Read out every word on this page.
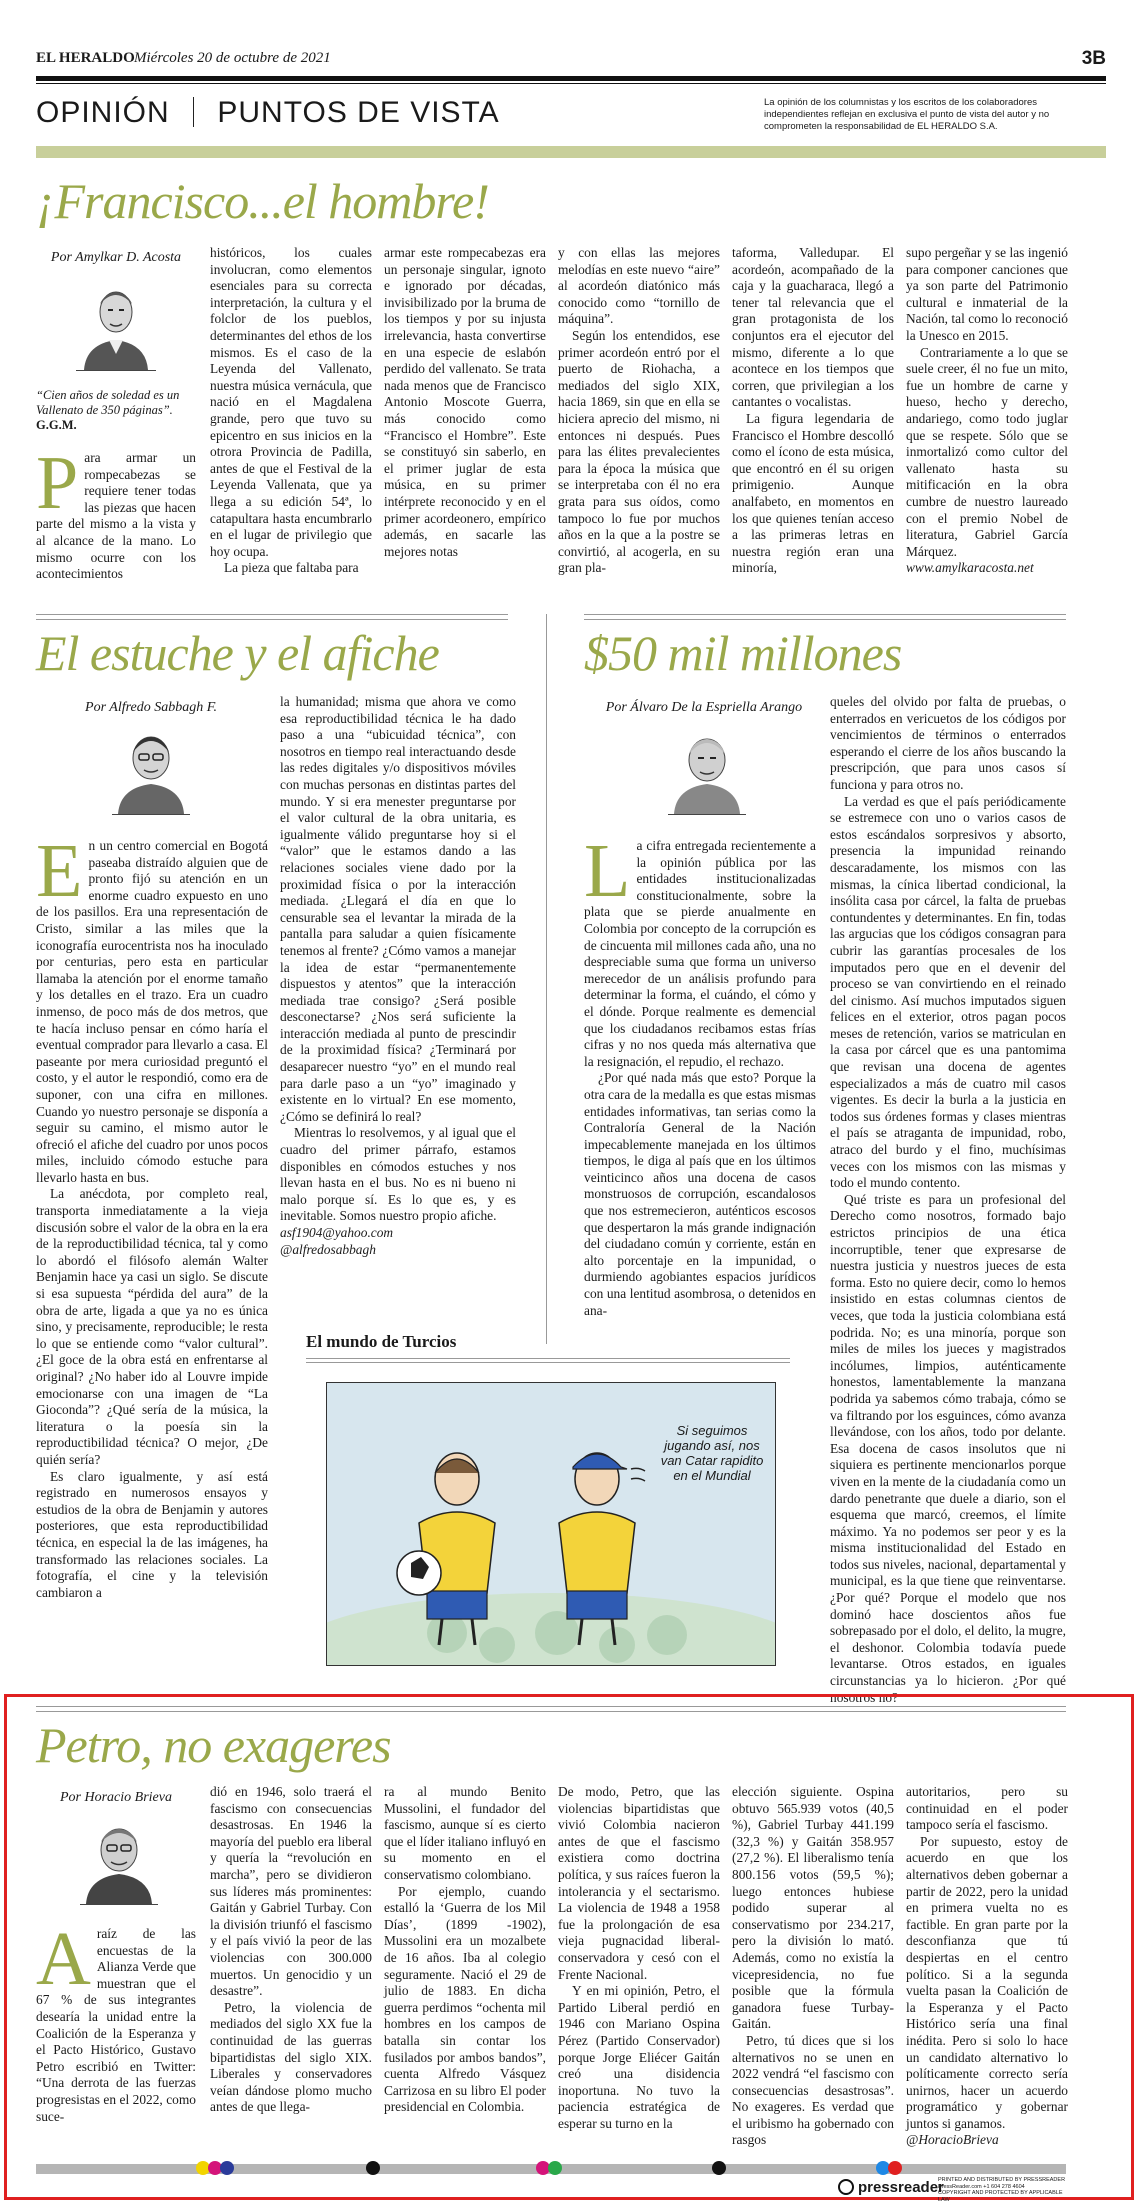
EL HERALDO Miércoles 20 de octubre de 2021	3B
OPINIÓN PUNTOS DE VISTA	La opinión de los columnistas y los escritos de los colaboradores independientes reflejan en exclusiva el punto de vista del autor y no comprometen la responsabilidad de EL HERALDO S.A.
¡Francisco...el hombre!
Por Amylkar D. Acosta
“Cien años de soledad es un Vallenato de 350 páginas”.
G.G.M.
Para armar un rompecabezas se requiere tener todas las piezas que hacen parte del mismo a la vista y al alcance de la mano. Lo mismo ocurre con los acontecimientos

históricos, los cuales involucran, como elementos esenciales para su correcta interpretación, la cultura y el folclor de los pueblos, determinantes del ethos de los mismos. Es el caso de la Leyenda del Vallenato, nuestra música vernácula, que nació en el Magdalena grande, pero que tuvo su epicentro en sus inicios en la otrora Provincia de Padilla, antes de que el Festival de la Leyenda Vallenata, que ya llega a su edición 54ª, lo catapultara hasta encumbrarlo en el lugar de privilegio que hoy ocupa.

La pieza que faltaba para

armar este rompecabezas era un personaje singular, ignoto e ignorado por décadas, invisibilizado por la bruma de los tiempos y por su injusta irrelevancia, hasta convertirse en una especie de eslabón perdido del vallenato. Se trata nada menos que de Francisco Antonio Moscote Guerra, más conocido como “Francisco el Hombre”. Este se constituyó sin saberlo, en el primer juglar de esta música, en su primer intérprete reconocido y en el primer acordeonero, empírico además, en sacarle las mejores notas

y con ellas las mejores melodías en este nuevo “aire” al acordeón diatónico más conocido como “tornillo de máquina”.

Según los entendidos, ese primer acordeón entró por el puerto de Riohacha, a mediados del siglo XIX, hacia 1869, sin que en ella se hiciera aprecio del mismo, ni entonces ni después. Pues para las élites prevalecientes para la época la música que se interpretaba con él no era grata para sus oídos, como tampoco lo fue por muchos años en la que a la postre se convirtió, al acogerla, en su gran pla-

taforma, Valledupar. El acordeón, acompañado de la caja y la guacharaca, llegó a tener tal relevancia que el gran protagonista de los conjuntos era el ejecutor del mismo, diferente a lo que acontece en los tiempos que corren, que privilegian a los cantantes o vocalistas.

La figura legendaria de Francisco el Hombre descolló como el ícono de esta música, que encontró en él su origen primigenio. Aunque analfabeto, en momentos en los que quienes tenían acceso a las primeras letras en nuestra región eran una minoría,

supo pergeñar y se las ingenió para componer canciones que ya son parte del Patrimonio cultural e inmaterial de la Nación, tal como lo reconoció la Unesco en 2015.

Contrariamente a lo que se suele creer, él no fue un mito, fue un hombre de carne y hueso, hecho y derecho, andariego, como todo juglar que se respete. Sólo que se inmortalizó como cultor del vallenato hasta su mitificación en la obra cumbre de nuestro laureado con el premio Nobel de literatura, Gabriel García Márquez.

www.amylkaracosta.net

El estuche y el afiche
Por Alfredo Sabbagh F.
En un centro comercial en Bogotá paseaba distraído alguien que de pronto fijó su atención en un enorme cuadro expuesto en uno de los pasillos. Era una representación de Cristo, similar a las miles que la iconografía eurocentrista nos ha inoculado por centurias, pero esta en particular llamaba la atención por el enorme tamaño y los detalles en el trazo. Era un cuadro inmenso, de poco más de dos metros, que te hacía incluso pensar en cómo haría el eventual comprador para llevarlo a casa. El paseante por mera curiosidad preguntó el costo, y el autor le respondió, como era de suponer, con una cifra en millones. Cuando yo nuestro personaje se disponía a seguir su camino, el mismo autor le ofreció el afiche del cuadro por unos pocos miles, incluido cómodo estuche para llevarlo hasta en bus.

La anécdota, por completo real, transporta inmediatamente a la vieja discusión sobre el valor de la obra en la era de la reproductibilidad técnica, tal y como lo abordó el filósofo alemán Walter Benjamin hace ya casi un siglo. Se discute si esa supuesta “pérdida del aura” de la obra de arte, ligada a que ya no es única sino, y precisamente, reproducible; le resta lo que se entiende como “valor cultural”. ¿El goce de la obra está en enfrentarse al original? ¿No haber ido al Louvre impide emocionarse con una imagen de “La Gioconda”? ¿Qué sería de la música, la literatura o la poesía sin la reproductibilidad técnica? O mejor, ¿De quién sería?

Es claro igualmente, y así está registrado en numerosos ensayos y estudios de la obra de Benjamin y autores posteriores, que esta reproductibilidad técnica, en especial la de las imágenes, ha transformado las relaciones sociales. La fotografía, el cine y la televisión cambiaron a

la humanidad; misma que ahora ve como esa reproductibilidad técnica le ha dado paso a una “ubicuidad técnica”, con nosotros en tiempo real interactuando desde las redes digitales y/o dispositivos móviles con muchas personas en distintas partes del mundo. Y si era menester preguntarse por el valor cultural de la obra unitaria, es igualmente válido preguntarse hoy si el “valor” que le estamos dando a las relaciones sociales viene dado por la proximidad física o por la interacción mediada. ¿Llegará el día en que lo censurable sea el levantar la mirada de la pantalla para saludar a quien físicamente tenemos al frente? ¿Cómo vamos a manejar la idea de estar “permanentemente dispuestos y atentos” que la interacción mediada trae consigo? ¿Será posible desconectarse? ¿Nos será suficiente la interacción mediada al punto de prescindir de la proximidad física? ¿Terminará por desaparecer nuestro “yo” en el mundo real para darle paso a un “yo” imaginado y existente en lo virtual? En ese momento, ¿Cómo se definirá lo real?

Mientras lo resolvemos, y al igual que el cuadro del primer párrafo, estamos disponibles en cómodos estuches y nos llevan hasta en el bus. No es ni bueno ni malo porque sí. Es lo que es, y es inevitable. Somos nuestro propio afiche.

asf1904@yahoo.com

@alfredosabbagh

$50 mil millones
Por Álvaro De la Espriella Arango
La cifra entregada recientemente a la opinión pública por las entidades institucionalizadas constitucionalmente, sobre la plata que se pierde anualmente en Colombia por concepto de la corrupción es de cincuenta mil millones cada año, una no despreciable suma que forma un universo merecedor de un análisis profundo para determinar la forma, el cuándo, el cómo y el dónde. Porque realmente es demencial que los ciudadanos recibamos estas frías cifras y no nos queda más alternativa que la resignación, el repudio, el rechazo.

¿Por qué nada más que esto? Porque la otra cara de la medalla es que estas mismas entidades informativas, tan serias como la Contraloría General de la Nación impecablemente manejada en los últimos tiempos, le diga al país que en los últimos veinticinco años una docena de casos monstruosos de corrupción, escandalosos que nos estremecieron, auténticos escosos que despertaron la más grande indignación del ciudadano común y corriente, están en alto porcentaje en la impunidad, o durmiendo agobiantes espacios jurídicos con una lentitud asombrosa, o detenidos en ana-

queles del olvido por falta de pruebas, o enterrados en vericuetos de los códigos por vencimientos de términos o enterrados esperando el cierre de los años buscando la prescripción, que para unos casos sí funciona y para otros no.

La verdad es que el país periódicamente se estremece con uno o varios casos de estos escándalos sorpresivos y absorto, presencia la impunidad reinando descaradamente, los mismos con las mismas, la cínica libertad condicional, la insólita casa por cárcel, la falta de pruebas contundentes y determinantes. En fin, todas las argucias que los códigos consagran para cubrir las garantías procesales de los imputados pero que en el devenir del proceso se van convirtiendo en el reinado del cinismo. Así muchos imputados siguen felices en el exterior, otros pagan pocos meses de retención, varios se matriculan en la casa por cárcel que es una pantomima que revisan una docena de agentes especializados a más de cuatro mil casos vigentes. Es decir la burla a la justicia en todos sus órdenes formas y clases mientras el país se atraganta de impunidad, robo, atraco del burdo y el fino, muchísimas veces con los mismos con las mismas y todo el mundo contento.

Qué triste es para un profesional del Derecho como nosotros, formado bajo estrictos principios de una ética incorruptible, tener que expresarse de nuestra justicia y nuestros jueces de esta forma. Esto no quiere decir, como lo hemos insistido en estas columnas cientos de veces, que toda la justicia colombiana está podrida. No; es una minoría, porque son miles de miles los jueces y magistrados incólumes, limpios, auténticamente honestos, lamentablemente la manzana podrida ya sabemos cómo trabaja, cómo se va filtrando por los esguinces, cómo avanza llevándose, con los años, todo por delante. Esa docena de casos insolutos que ni siquiera es pertinente mencionarlos porque viven en la mente de la ciudadanía como un dardo penetrante que duele a diario, son el esquema que marcó, creemos, el límite máximo. Ya no podemos ser peor y es la misma institucionalidad del Estado en todos sus niveles, nacional, departamental y municipal, es la que tiene que reinventarse. ¿Por qué? Porque el modelo que nos dominó hace doscientos años fue sobrepasado por el dolo, el delito, la mugre, el deshonor. Colombia todavía puede levantarse. Otros estados, en iguales circunstancias ya lo hicieron. ¿Por qué nosotros no?

El mundo de Turcios
Si seguimos jugando así, nos van Catar rapidito en el Mundial
Petro, no exageres
Por Horacio Brieva
Araíz de las encuestas de la Alianza Verde que muestran que el 67 % de sus integrantes desearía la unidad entre la Coalición de la Esperanza y el Pacto Histórico, Gustavo Petro escribió en Twitter: “Una derrota de las fuerzas progresistas en el 2022, como suce-

dió en 1946, solo traerá el fascismo con consecuencias desastrosas. En 1946 la mayoría del pueblo era liberal y quería la “revolución en marcha”, pero se dividieron sus líderes más prominentes: Gaitán y Gabriel Turbay. Con la división triunfó el fascismo y el país vivió la peor de las violencias con 300.000 muertos. Un genocidio y un desastre”.

Petro, la violencia de mediados del siglo XX fue la continuidad de las guerras bipartidistas del siglo XIX. Liberales y conservadores veían dándose plomo mucho antes de que llega-

ra al mundo Benito Mussolini, el fundador del fascismo, aunque sí es cierto que el líder italiano influyó en su momento en el conservatismo colombiano.

Por ejemplo, cuando estalló la ‘Guerra de los Mil Días’, (1899 -1902), Mussolini era un mozalbete de 16 años. Iba al colegio seguramente. Nació el 29 de julio de 1883. En dicha guerra perdimos “ochenta mil hombres en los campos de batalla sin contar los fusilados por ambos bandos”, cuenta Alfredo Vásquez Carrizosa en su libro El poder presidencial en Colombia.

De modo, Petro, que las violencias bipartidistas que vivió Colombia nacieron antes de que el fascismo existiera como doctrina política, y sus raíces fueron la intolerancia y el sectarismo. La violencia de 1948 a 1958 fue la prolongación de esa vieja pugnacidad liberal-conservadora y cesó con el Frente Nacional.

Y en mi opinión, Petro, el Partido Liberal perdió en 1946 con Mariano Ospina Pérez (Partido Conservador) porque Jorge Eliécer Gaitán creó una disidencia inoportuna. No tuvo la paciencia estratégica de esperar su turno en la

elección siguiente. Ospina obtuvo 565.939 votos (40,5 %), Gabriel Turbay 441.199 (32,3 %) y Gaitán 358.957 (27,2 %). El liberalismo tenía 800.156 votos (59,5 %); luego entonces hubiese podido superar al conservatismo por 234.217, pero la división lo mató. Además, como no existía la vicepresidencia, no fue posible que la fórmula ganadora fuese Turbay-Gaitán.

Petro, tú dices que si los alternativos no se unen en 2022 vendrá “el fascismo con consecuencias desastrosas”. No exageres. Es verdad que el uribismo ha gobernado con rasgos

autoritarios, pero su continuidad en el poder tampoco sería el fascismo.

Por supuesto, estoy de acuerdo en que los alternativos deben gobernar a partir de 2022, pero la unidad en primera vuelta no es factible. En gran parte por la desconfianza que tú despiertas en el centro político. Si a la segunda vuelta pasan la Coalición de la Esperanza y el Pacto Histórico sería una final inédita. Pero si solo lo hace un candidato alternativo lo políticamente correcto sería unirnos, hacer un acuerdo programático y gobernar juntos si ganamos.

@HoracioBrieva

pressreader
PRINTED AND DISTRIBUTED BY PRESSREADER
PressReader.com +1 604 278 4604
COPYRIGHT AND PROTECTED BY APPLICABLE LAW
